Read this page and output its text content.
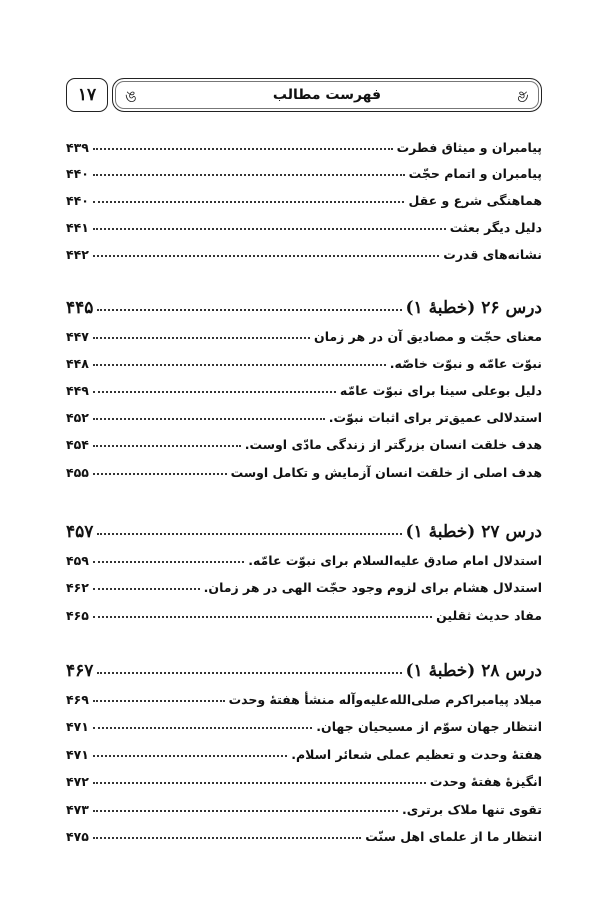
۱۷ ঙ	فهرست مطالب	ঙ
پیامبران و میثاق فطرت
۴۳۹
پیامبران و اتمام حجّت
۴۴۰
هماهنگی شرع و عقل
۴۴۰
دلیل دیگر بعثت
۴۴۱
نشانه‌های قدرت
۴۴۲
درس ۲۶ (خطبهٔ ۱)
۴۴۵
معنای حجّت و مصادیق آن در هر زمان
۴۴۷
نبوّت عامّه و نبوّت خاصّه.
۴۴۸
دلیل بوعلی سینا برای نبوّت عامّه
۴۴۹
استدلالی عمیق‌تر برای اثبات نبوّت.
۴۵۲
هدف خلقت انسان بزرگتر از زندگی مادّی اوست.
۴۵۴
هدف اصلی از خلقت انسان آزمایش و تکامل اوست
۴۵۵
درس ۲۷ (خطبهٔ ۱)
۴۵۷
استدلال امام صادق عليه‌السلام برای نبوّت عامّه.
۴۵۹
استدلال هشام برای لزوم وجود حجّت الهی در هر زمان.
۴۶۲
مفاد حدیث ثقلین
۴۶۵
درس ۲۸ (خطبهٔ ۱)
۴۶۷
میلاد پیامبراکرم صلى‌الله‌عليه‌وآله منشأ هفتهٔ وحدت
۴۶۹
انتظار جهان سوّم از مسیحیان جهان.
۴۷۱
هفتهٔ وحدت و تعظیم عملی شعائر اسلام.
۴۷۱
انگیزهٔ هفتهٔ وحدت
۴۷۲
تقوی تنها ملاک برتری.
۴۷۳
انتظار ما از علمای اهل سنّت
۴۷۵
